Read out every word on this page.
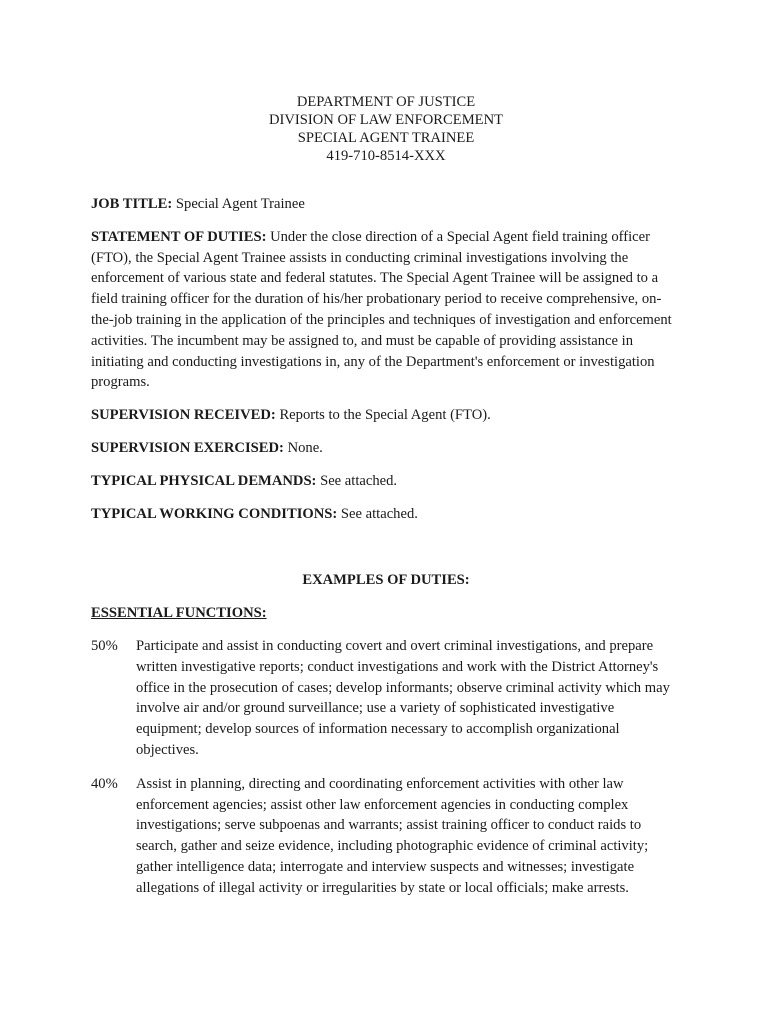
DEPARTMENT OF JUSTICE
DIVISION OF LAW ENFORCEMENT
SPECIAL AGENT TRAINEE
419-710-8514-XXX

JOB TITLE: Special Agent Trainee

STATEMENT OF DUTIES: Under the close direction of a Special Agent field training officer (FTO), the Special Agent Trainee assists in conducting criminal investigations involving the enforcement of various state and federal statutes. The Special Agent Trainee will be assigned to a field training officer for the duration of his/her probationary period to receive comprehensive, on-the-job training in the application of the principles and techniques of investigation and enforcement activities. The incumbent may be assigned to, and must be capable of providing assistance in initiating and conducting investigations in, any of the Department's enforcement or investigation programs.

SUPERVISION RECEIVED: Reports to the Special Agent (FTO).

SUPERVISION EXERCISED: None.

TYPICAL PHYSICAL DEMANDS: See attached.

TYPICAL WORKING CONDITIONS: See attached.

EXAMPLES OF DUTIES:
ESSENTIAL FUNCTIONS:
50%	Participate and assist in conducting covert and overt criminal investigations, and prepare written investigative reports; conduct investigations and work with the District Attorney's office in the prosecution of cases; develop informants; observe criminal activity which may involve air and/or ground surveillance; use a variety of sophisticated investigative equipment; develop sources of information necessary to accomplish organizational objectives.
40%	Assist in planning, directing and coordinating enforcement activities with other law enforcement agencies; assist other law enforcement agencies in conducting complex investigations; serve subpoenas and warrants; assist training officer to conduct raids to search, gather and seize evidence, including photographic evidence of criminal activity; gather intelligence data; interrogate and interview suspects and witnesses; investigate allegations of illegal activity or irregularities by state or local officials; make arrests.
